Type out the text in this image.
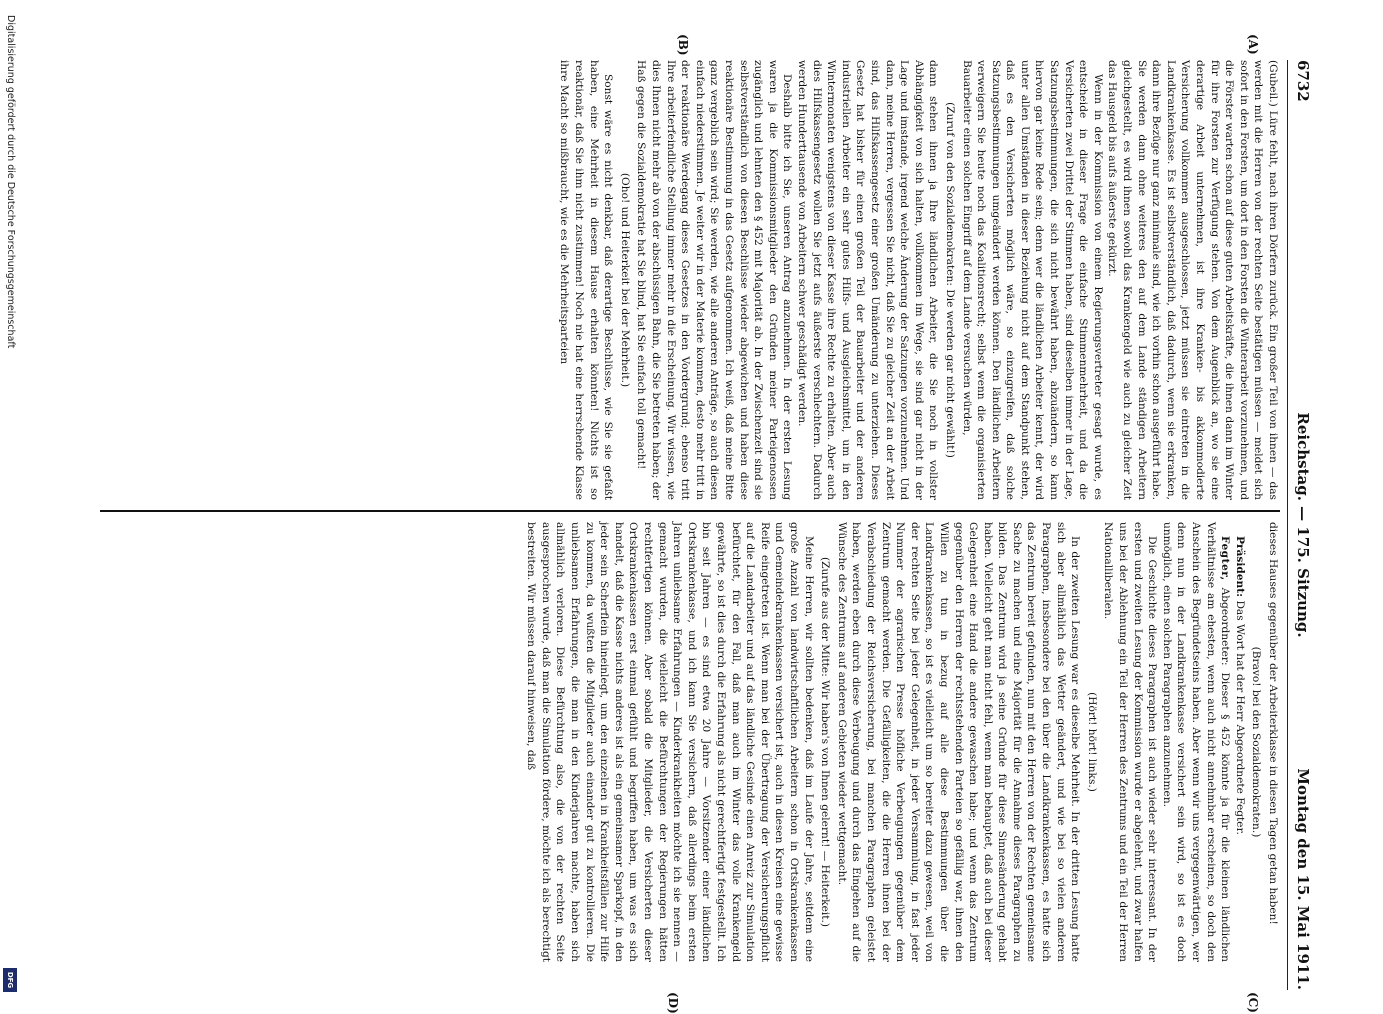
Digitalisierung gefördert durch die Deutsche Forschungsgemeinschaft
DFG
6732
Reichstag. — 175. Sitzung.
Montag den 15. Mai 1911.
(A)
(B)
(C)
(D)

(Gubeil.) Lüre fehlt, nach ihren Dörfern zurück. Ein großer Teil von ihnen — das werden mit die Herren von der rechten Seite bestätigen müssen — meldet sich sofort in den Forsten, um dort in den Forsten die Winterarbeit vorzunehmen, und die Förster warten schon auf diese guten Arbeitskräfte, die ihnen dann im Winter für ihre Forsten zur Verfügung stehen. Von dem Augenblick an, wo sie eine derartige Arbeit unternehmen, ist ihre Kranken- bis akkommodierte Versicherung vollkommen ausgeschlossen, jetzt müssen sie eintreten in die Landkrankenkasse. Es ist selbstverständlich, daß dadurch, wenn sie erkranken, dann ihre Bezüge nur ganz minimale sind, wie ich vorhin schon ausgeführt habe. Sie werden dann ohne weiteres den auf dem Lande ständigen Arbeitern gleichgestellt, es wird ihnen sowohl das Krankengeld wie auch zu gleicher Zeit das Hausgeld bis aufs äußerste gekürzt.

Wenn in der Kommission von einem Regierungsvertreter gesagt wurde, es entscheide in dieser Frage die einfache Stimmenmehrheit, und da die Versicherten zwei Drittel der Stimmen haben, sind dieselben immer in der Lage, Satzungsbestimmungen, die sich nicht bewährt haben, abzuändern, so kann hiervon gar keine Rede sein; denn wer die ländlichen Arbeiter kennt, der wird unter allen Umständen in dieser Beziehung nicht auf dem Standpunkt stehen, daß es den Versicherten möglich wäre, so einzugreifen, daß solche Satzungsbestimmungen umgeändert werden können. Den ländlichen Arbeitern verweigern Sie heute noch das Koalitionsrecht; selbst wenn die organisierten Bauarbeiter einen solchen Eingriff auf dem Lande versuchen würden,

(Zuruf von den Sozialdemokraten: Die werden gar nicht gewählt!)

dann stehen ihnen ja Ihre ländlichen Arbeiter, die Sie noch in vollster Abhängigkeit von sich halten, vollkommen im Wege, sie sind gar nicht in der Lage und imstande, irgend welche Änderung der Satzungen vorzunehmen. Und dann, meine Herren, vergessen Sie nicht, daß Sie zu gleicher Zeit an der Arbeit sind, das Hilfskassengesetz einer großen Umänderung zu unterziehen. Dieses Gesetz hat bisher für einen großen Teil der Bauarbeiter und der anderen industriellen Arbeiter ein sehr gutes Hilfs- und Ausgleichsmittel, um in den Wintermonaten wenigstens von dieser Kasse ihre Rechte zu erhalten. Aber auch dies Hilfskassengesetz wollen Sie jetzt aufs äußerste verschlechtern. Dadurch werden Hunderttausende von Arbeitern schwer geschädigt werden.

Deshalb bitte ich Sie, unseren Antrag anzunehmen. In der ersten Lesung waren ja die Kommissionsmitglieder den Gründen meiner Parteigenossen zugänglich und lehnten den § 452 mit Majorität ab. In der Zwischenzeit sind sie selbstverständlich von diesen Beschlüsse wieder abgewichen und haben diese reaktionäre Bestimmung in das Gesetz aufgenommen. Ich weiß, daß meine Bitte ganz vergeblich sein wird; Sie werden, wie alle anderen Anträge, so auch diesen einfach niederstimmen. Je weiter wir in der Materie kommen, desto mehr tritt in der reaktionäre Werdegang dieses Gesetzes in den Vordergrund; ebenso tritt Ihre arbeiterfeindliche Stellung immer mehr in die Erscheinung. Wir wissen, wie dies Ihnen nicht mehr ab von der abschüssigen Bahn, die Sie betreten haben; der Haß gegen die Sozialdemokratie hat Sie blind, hat Sie einfach toll gemacht!

(Oho! und Heiterkeit bei der Mehrheit.)

Sonst wäre es nicht denkbar, daß derartige Beschlüsse, wie Sie sie gefaßt haben, eine Mehrheit in diesem Hause erhalten könnten! Nichts ist so reaktionär, daß Sie ihm nicht zustimmen! Noch nie hat eine herrschende Klasse ihre Macht so mißbraucht, wie es die Mehrheitsparteien

dieses Hauses gegenüber der Arbeiterklasse in diesen Tagen getan haben!

(Bravo! bei den Sozialdemokraten.)

Präsident: Das Wort hat der Herr Abgeordnete Fegter.

Fegter, Abgeordneter: Dieser § 452 könnte ja für die kleinen ländlichen Verhältnisse am ehesten, wenn auch nicht annehmbar erscheinen, so doch den Anschein des Begründetseins haben. Aber wenn wir uns vergegenwärtigen, wer denn nun in der Landkrankenkasse versichert sein wird, so ist es doch unmöglich, einen solchen Paragraphen anzunehmen.

Die Geschichte dieses Paragraphen ist auch wieder sehr interessant. In der ersten und zweiten Lesung der Kommission wurde er abgelehnt, und zwar halfen uns bei der Ablehnung ein Teil der Herren des Zentrums und ein Teil der Herren Nationalliberalen.

(Hört! hört! links.)

In der zweiten Lesung war es dieselbe Mehrheit. In der dritten Lesung hatte sich aber allmählich das Wetter geändert, und wie bei so vielen anderen Paragraphen, insbesondere bei den über die Landkrankenkassen, es hatte sich das Zentrum bereit gefunden, nun mit den Herren von der Rechten gemeinsame Sache zu machen und eine Majorität für die Annahme dieses Paragraphen zu bilden. Das Zentrum wird ja seine Gründe für diese Sinnesänderung gehabt haben. Vielleicht geht man nicht fehl, wenn man behauptet, daß auch bei dieser Gelegenheit eine Hand die andere gewaschen habe; und wenn das Zentrum gegenüber den Herren der rechtsstehenden Parteien so gefällig war, ihnen den Willen zu tun in bezug auf alle diese Bestimmungen über die Landkrankenkassen, so ist es vielleicht um so bereiter dazu gewesen, weil von der rechten Seite bei jeder Gelegenheit, in jeder Versammlung, in fast jeder Nummer der agrarischen Presse höfliche Verbeugungen gegenüber dem Zentrum gemacht werden. Die Gefälligkeiten, die die Herren ihnen bei der Verabschiedung der Reichsversicherung, bei manchen Paragraphen geleistet haben, werden eben durch diese Verbeugung und durch das Eingehen auf die Wünsche des Zentrums auf anderen Gebieten wieder wettgemacht.

(Zurufe aus der Mitte: Wir haben's von Ihnen gelernt! — Heiterkeit.)

Meine Herren, wir sollten bedenken, daß im Laufe der Jahre, seitdem eine große Anzahl von landwirtschaftlichen Arbeitern schon in Ortskrankenkassen und Gemeindekrankenkassen versichert ist, auch in diesen Kreisen eine gewisse Reife eingetreten ist. Wenn man bei der Übertragung der Versicherungspflicht auf die Landarbeiter und auf das ländliche Gesinde einen Anreiz zur Simulation befürchtet, für den Fall, daß man auch im Winter das volle Krankengeld gewährte, so ist dies durch die Erfahrung als nicht gerechtfertigt festgestellt. Ich bin seit Jahren — es sind etwa 20 Jahre — Vorsitzender einer ländlichen Ortskrankenkasse, und ich kann Sie versichern, daß allerdings beim ersten Jahren unliebsame Erfahrungen — Kinderkrankheiten möchte ich sie nennen — gemacht wurden, die vielleicht die Befürchtungen der Regierungen hätten rechtfertigen können. Aber sobald die Mitglieder, die Versicherten dieser Ortskrankenkassen erst einmal gefühlt und begriffen haben, um was es sich handelt, daß die Kasse nichts anderes ist als ein gemeinsamer Sparkopf, in den jeder sein Scherflein hineinlegt, um den einzelnen in Krankheitsfällen zur Hilfe zu kommen, da wußten die Mitglieder auch einander gut zu kontrollieren. Die unliebsamen Erfahrungen, die man in den Kinderjahren machte, haben sich allmählich verloren. Diese Befürchtung also, die von der rechten Seite ausgesprochen wurde, daß man die Simulation fördere, möchte ich als berechtigt bestreiten. Wir müssen darauf hinweisen, daß
